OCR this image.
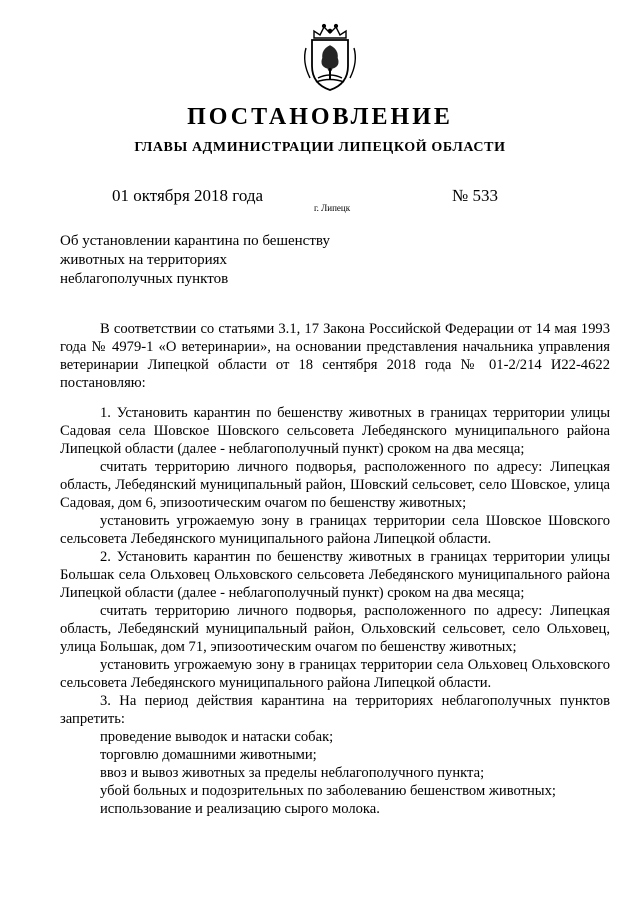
ПОСТАНОВЛЕНИЕ
ГЛАВЫ АДМИНИСТРАЦИИ ЛИПЕЦКОЙ ОБЛАСТИ
01 октября 2018 года
г. Липецк
№ 533
Об установлении карантина по бешенству животных на территориях неблагополучных пунктов

В соответствии со статьями 3.1, 17 Закона Российской Федерации от 14 мая 1993 года № 4979-1 «О ветеринарии», на основании представления начальника управления ветеринарии Липецкой области от 18 сентября 2018 года № 01-2/214 И22-4622 постановляю:

1. Установить карантин по бешенству животных в границах территории улицы Садовая села Шовское Шовского сельсовета Лебедянского муниципального района Липецкой области (далее - неблагополучный пункт) сроком на два месяца;

считать территорию личного подворья, расположенного по адресу: Липецкая область, Лебедянский муниципальный район, Шовский сельсовет, село Шовское, улица Садовая, дом 6, эпизоотическим очагом по бешенству животных;

установить угрожаемую зону в границах территории села Шовское Шовского сельсовета Лебедянского муниципального района Липецкой области.

2. Установить карантин по бешенству животных в границах территории улицы Большак села Ольховец Ольховского сельсовета Лебедянского муниципального района Липецкой области (далее - неблагополучный пункт) сроком на два месяца;

считать территорию личного подворья, расположенного по адресу: Липецкая область, Лебедянский муниципальный район, Ольховский сельсовет, село Ольховец, улица Большак, дом 71, эпизоотическим очагом по бешенству животных;

установить угрожаемую зону в границах территории села Ольховец Ольховского сельсовета Лебедянского муниципального района Липецкой области.

3. На период действия карантина на территориях неблагополучных пунктов запретить:

проведение выводок и натаски собак;

торговлю домашними животными;

ввоз и вывоз животных за пределы неблагополучного пункта;

убой больных и подозрительных по заболеванию бешенством животных;

использование и реализацию сырого молока.
